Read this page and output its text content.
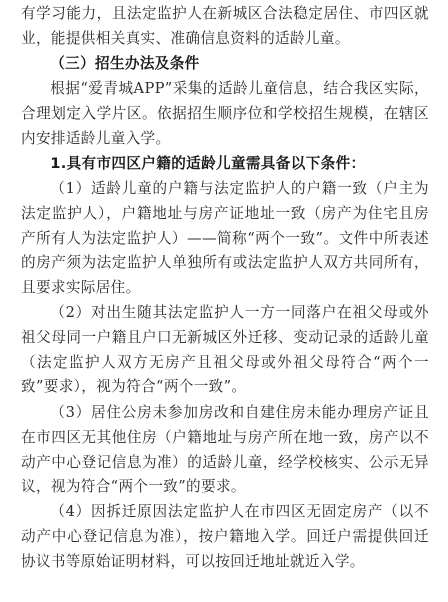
有学习能力，且法定监护人在新城区合法稳定居住、市四区就业，能提供相关真实、准确信息资料的适龄儿童。

（三）招生办法及条件

根据“爱青城APP”采集的适龄儿童信息，结合我区实际，合理划定入学片区。依据招生顺序位和学校招生规模，在辖区内安排适龄儿童入学。

1.具有市四区户籍的适龄儿童需具备以下条件：

（1）适龄儿童的户籍与法定监护人的户籍一致（户主为法定监护人），户籍地址与房产证地址一致（房产为住宅且房产所有人为法定监护人）——简称“两个一致”。文件中所表述的房产须为法定监护人单独所有或法定监护人双方共同所有，且要求实际居住。

（2）对出生随其法定监护人一方一同落户在祖父母或外祖父母同一户籍且户口无新城区外迁移、变动记录的适龄儿童（法定监护人双方无房产且祖父母或外祖父母符合“两个一致”要求），视为符合“两个一致”。

（3）居住公房未参加房改和自建住房未能办理房产证且在市四区无其他住房（户籍地址与房产所在地一致，房产以不动产中心登记信息为准）的适龄儿童，经学校核实、公示无异议，视为符合“两个一致”的要求。

（4）因拆迁原因法定监护人在市四区无固定房产（以不动产中心登记信息为准），按户籍地入学。回迁户需提供回迁协议书等原始证明材料，可以按回迁地址就近入学。
